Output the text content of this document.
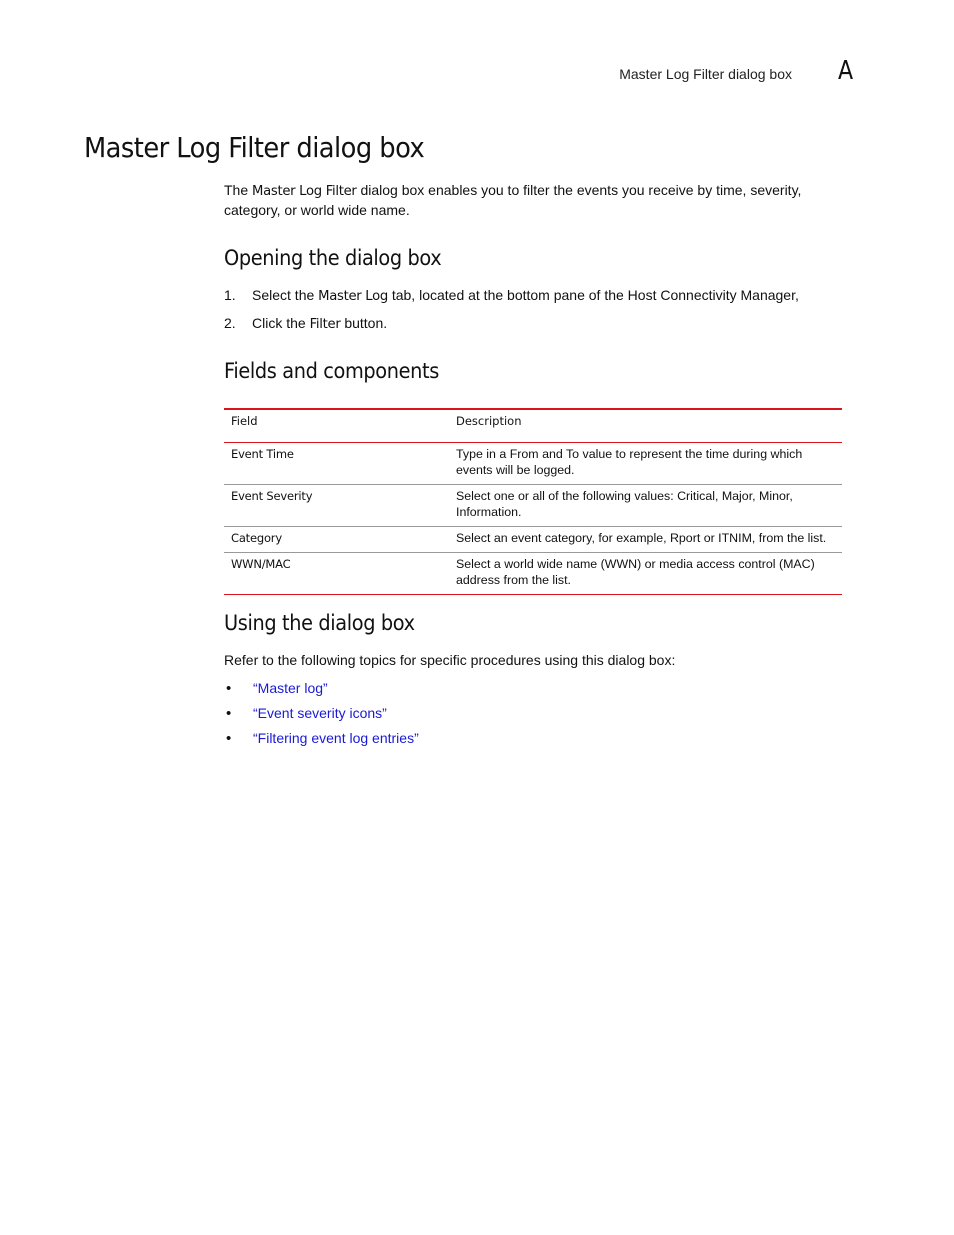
Master Log Filter dialog box A
Master Log Filter dialog box

The Master Log Filter dialog box enables you to filter the events you receive by time, severity, category, or world wide name.

Opening the dialog box
1. Select the Master Log tab, located at the bottom pane of the Host Connectivity Manager,
2. Click the Filter button.
Fields and components
Field	Description
Event Time	Type in a From and To value to represent the time during which events will be logged.
Event Severity	Select one or all of the following values: Critical, Major, Minor, Information.
Category	Select an event category, for example, Rport or ITNIM, from the list.
WWN/MAC	Select a world wide name (WWN) or media access control (MAC) address from the list.
Using the dialog box

Refer to the following topics for specific procedures using this dialog box:

• “Master log”
• “Event severity icons”
• “Filtering event log entries”
